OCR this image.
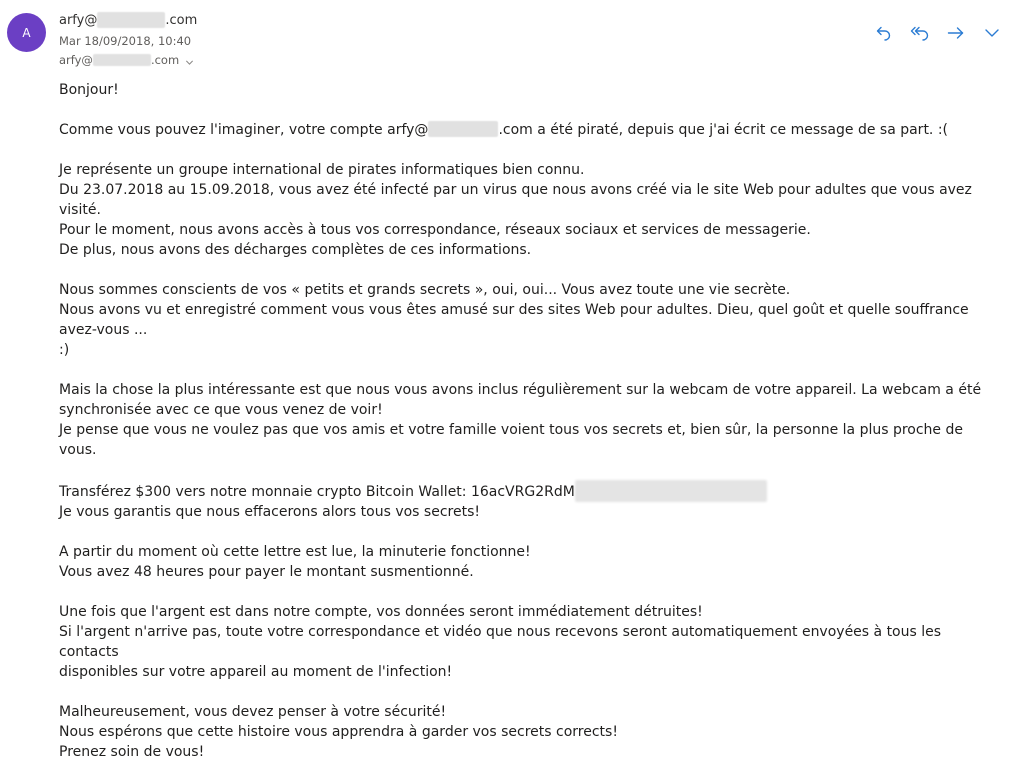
A
arfy@	.com
Mar 18/09/2018, 10:40
arfy@	.com

Bonjour!

Comme vous pouvez l'imaginer, votre compte arfy@	.com a été piraté, depuis que j'ai écrit ce message de sa part. :(

Je représente un groupe international de pirates informatiques bien connu.
Du 23.07.2018 au 15.09.2018, vous avez été infecté par un virus que nous avons créé via le site Web pour adultes que vous avez visité.
Pour le moment, nous avons accès à tous vos correspondance, réseaux sociaux et services de messagerie.
De plus, nous avons des décharges complètes de ces informations.

Nous sommes conscients de vos « petits et grands secrets », oui, oui... Vous avez toute une vie secrète.
Nous avons vu et enregistré comment vous vous êtes amusé sur des sites Web pour adultes. Dieu, quel goût et quelle souffrance avez-vous ...
:)

Mais la chose la plus intéressante est que nous vous avons inclus régulièrement sur la webcam de votre appareil. La webcam a été
synchronisée avec ce que vous venez de voir!
Je pense que vous ne voulez pas que vos amis et votre famille voient tous vos secrets et, bien sûr, la personne la plus proche de vous.

Transférez $300 vers notre monnaie crypto Bitcoin Wallet: 16acVRG2RdM
Je vous garantis que nous effacerons alors tous vos secrets!

A partir du moment où cette lettre est lue, la minuterie fonctionne!
Vous avez 48 heures pour payer le montant susmentionné.

Une fois que l'argent est dans notre compte, vos données seront immédiatement détruites!
Si l'argent n'arrive pas, toute votre correspondance et vidéo que nous recevons seront automatiquement envoyées à tous les contacts
disponibles sur votre appareil au moment de l'infection!

Malheureusement, vous devez penser à votre sécurité!
Nous espérons que cette histoire vous apprendra à garder vos secrets corrects!
Prenez soin de vous!
